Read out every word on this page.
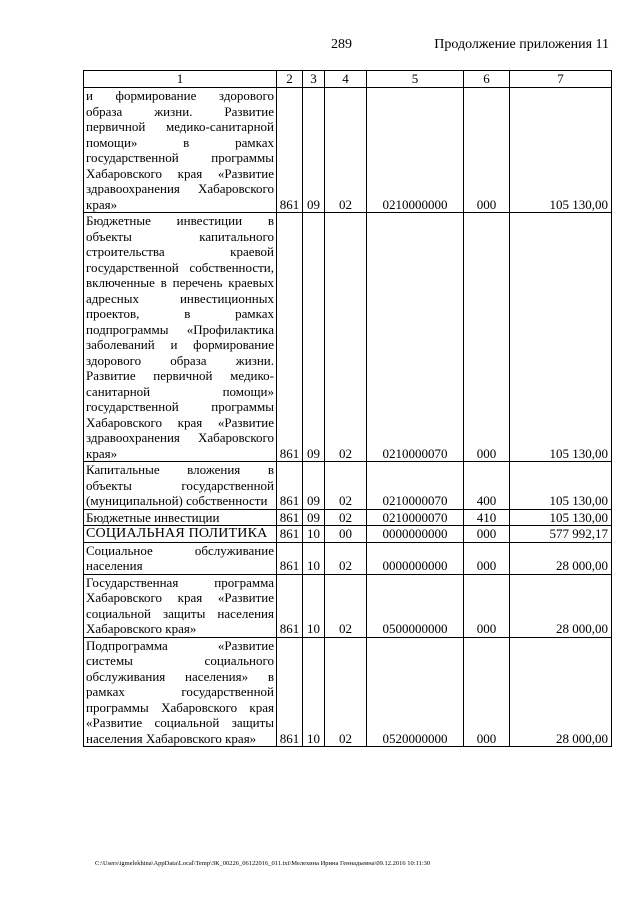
289	Продолжение приложения 11
1	2	3	4	5	6	7
и формирование здорового образа жизни. Развитие первичной медико-санитарной помощи» в рамках государственной программы Хабаровского края «Развитие здравоохранения Хабаровского края»	861	09	02	0210000000	000	105 130,00
Бюджетные инвестиции в объекты капитального строительства краевой государственной собственности, включенные в перечень краевых адресных инвестиционных проектов, в рамках подпрограммы «Профилактика заболеваний и формирование здорового образа жизни. Развитие первичной медико-санитарной помощи» государственной программы Хабаровского края «Развитие здравоохранения Хабаровского края»	861	09	02	0210000070	000	105 130,00
Капитальные вложения в объекты государственной (муниципальной) собственности	861	09	02	0210000070	400	105 130,00
Бюджетные инвестиции	861	09	02	0210000070	410	105 130,00
СОЦИАЛЬНАЯ ПОЛИТИКА	861	10	00	0000000000	000	577 992,17
Социальное обслуживание населения	861	10	02	0000000000	000	28 000,00
Государственная программа Хабаровского края «Развитие социальной защиты населения Хабаровского края»	861	10	02	0500000000	000	28 000,00
Подпрограмма «Развитие системы социального обслуживания населения» в рамках государственной программы Хабаровского края «Развитие социальной защиты населения Хабаровского края»	861	10	02	0520000000	000	28 000,00
C:\Users\igmelekhina\AppData\Local\Temp\ЗК_00226_06122016_011.txt\Мелехина Ирина Геннадьевна\09.12.2016 10:11:30
